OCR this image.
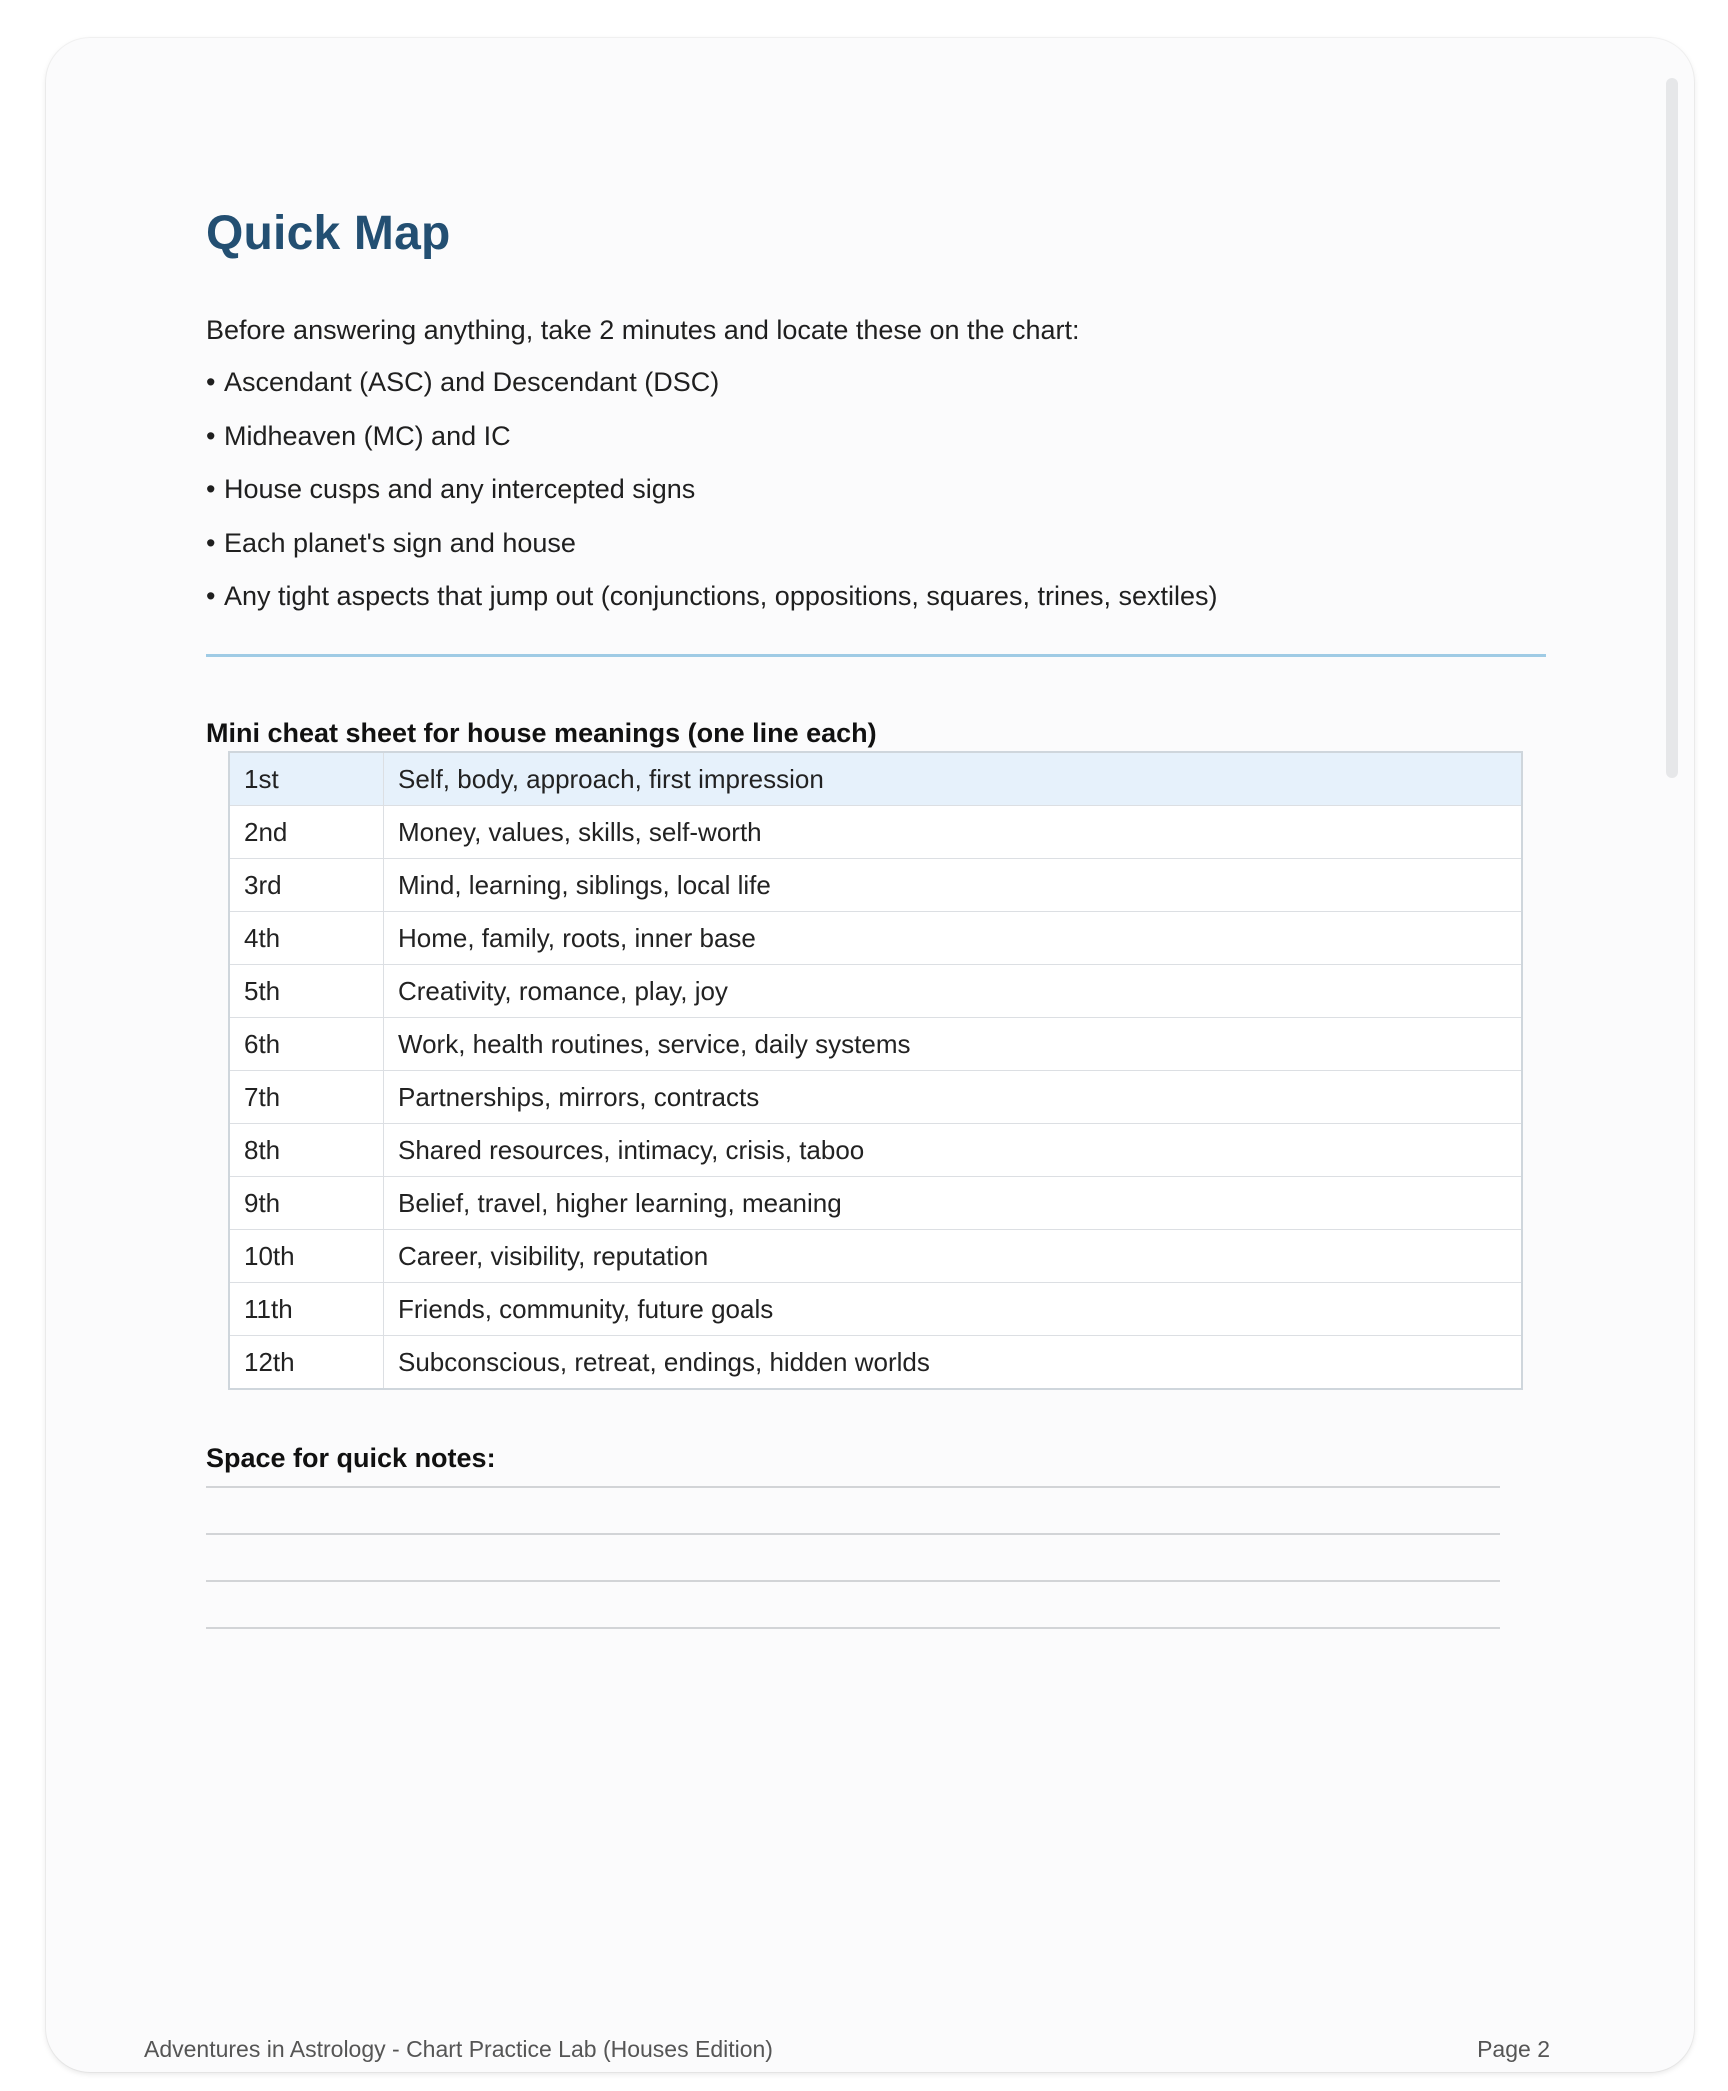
Quick Map
Before answering anything, take 2 minutes and locate these on the chart:
• Ascendant (ASC) and Descendant (DSC)
• Midheaven (MC) and IC
• House cusps and any intercepted signs
• Each planet's sign and house
• Any tight aspects that jump out (conjunctions, oppositions, squares, trines, sextiles)
Mini cheat sheet for house meanings (one line each)
1st	Self, body, approach, first impression
2nd	Money, values, skills, self-worth
3rd	Mind, learning, siblings, local life
4th	Home, family, roots, inner base
5th	Creativity, romance, play, joy
6th	Work, health routines, service, daily systems
7th	Partnerships, mirrors, contracts
8th	Shared resources, intimacy, crisis, taboo
9th	Belief, travel, higher learning, meaning
10th	Career, visibility, reputation
11th	Friends, community, future goals
12th	Subconscious, retreat, endings, hidden worlds
Space for quick notes:
Adventures in Astrology - Chart Practice Lab (Houses Edition)	Page 2
